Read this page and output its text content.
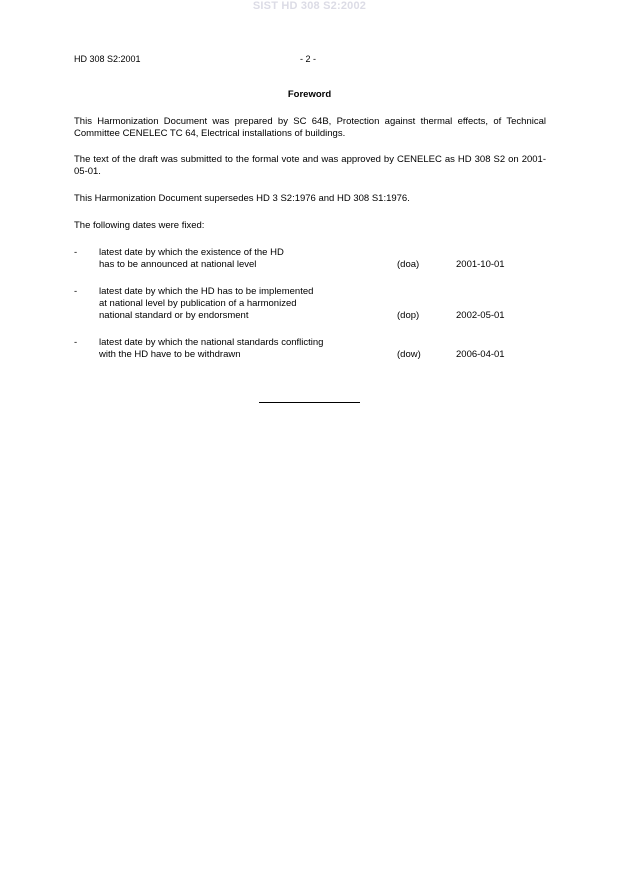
SIST HD 308 S2:2002
HD 308 S2:2001	- 2 -
Foreword
This Harmonization Document was prepared by SC 64B, Protection against thermal effects, of Technical Committee CENELEC TC 64, Electrical installations of buildings.
The text of the draft was submitted to the formal vote and was approved by CENELEC as HD 308 S2 on 2001-05-01.
This Harmonization Document supersedes HD 3 S2:1976 and HD 308 S1:1976.
The following dates were fixed:
- latest date by which the existence of the HD
has to be announced at national level	(doa)	2001-10-01
- latest date by which the HD has to be implemented
at national level by publication of a harmonized
national standard or by endorsment	(dop)	2002-05-01
- latest date by which the national standards conflicting
with the HD have to be withdrawn	(dow)	2006-04-01
